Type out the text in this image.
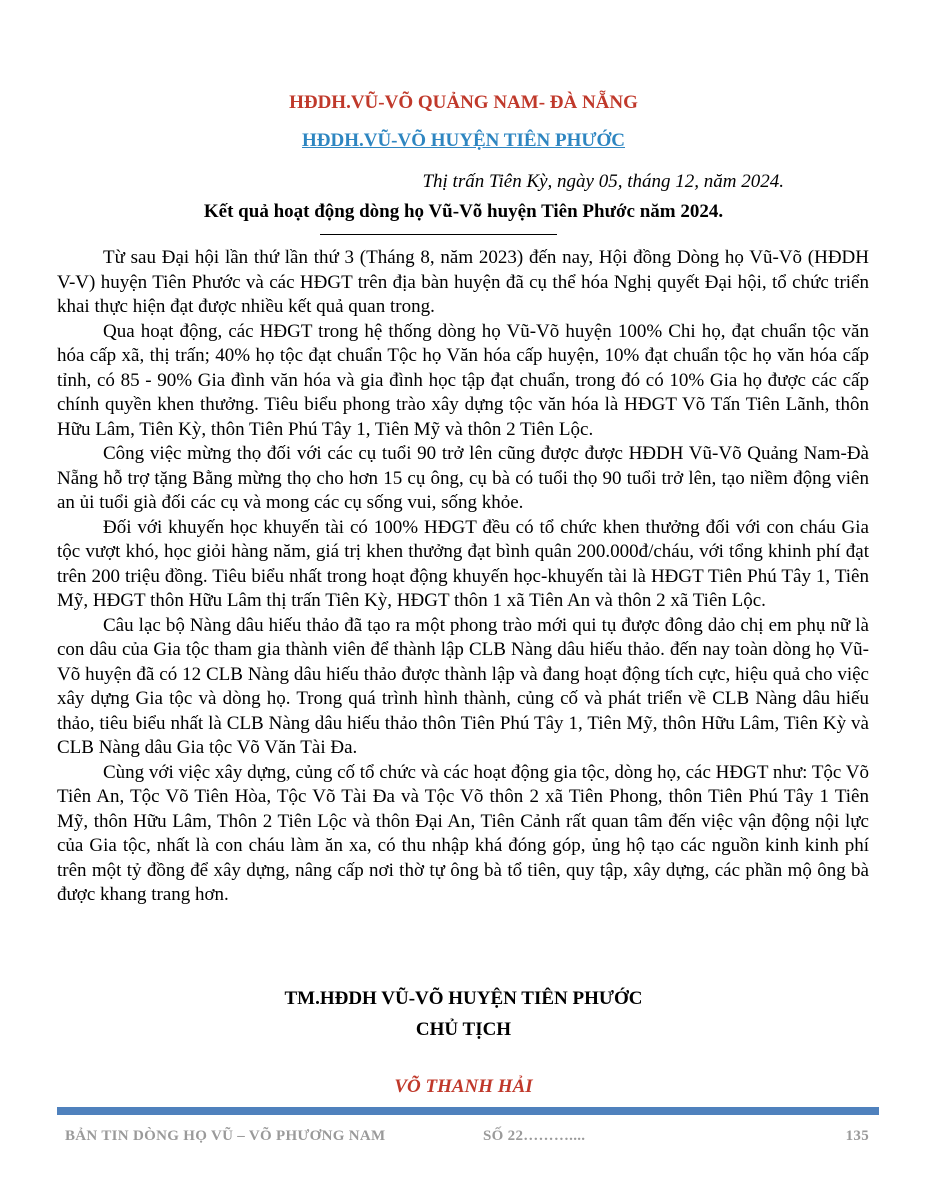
HĐDH.VŨ-VÕ QUẢNG NAM- ĐÀ NẴNG
HĐDH.VŨ-VÕ HUYỆN TIÊN PHƯỚC

Thị trấn Tiên Kỳ, ngày 05, tháng 12, năm 2024.

Kết quả hoạt động dòng họ Vũ-Võ huyện Tiên Phước năm 2024.

Từ sau Đại hội lần thứ lần thứ 3 (Tháng 8, năm 2023) đến nay, Hội đồng Dòng họ Vũ-Võ (HĐDH V-V) huyện Tiên Phước và các HĐGT trên địa bàn huyện đã cụ thể hóa Nghị quyết Đại hội, tổ chức triển khai thực hiện đạt được nhiều kết quả quan trong.

Qua hoạt động, các HĐGT trong hệ thống dòng họ Vũ-Võ huyện 100% Chi họ, đạt chuẩn tộc văn hóa cấp xã, thị trấn; 40% họ tộc đạt chuẩn Tộc họ Văn hóa cấp huyện, 10% đạt chuẩn tộc họ văn hóa cấp tỉnh, có 85 - 90% Gia đình văn hóa và gia đình học tập đạt chuẩn, trong đó có 10% Gia họ được các cấp chính quyền khen thưởng. Tiêu biểu phong trào xây dựng tộc văn hóa là HĐGT Võ Tấn Tiên Lãnh, thôn Hữu Lâm, Tiên Kỳ, thôn Tiên Phú Tây 1, Tiên Mỹ và thôn 2 Tiên Lộc.

Công việc mừng thọ đối với các cụ tuổi 90 trở lên cũng được được HĐDH Vũ-Võ Quảng Nam-Đà Nẵng hỗ trợ tặng Bằng mừng thọ cho hơn 15 cụ ông, cụ bà có tuổi thọ 90 tuổi trở lên, tạo niềm động viên an ủi tuổi già đối các cụ và mong các cụ sống vui, sống khỏe.

Đối với khuyến học khuyến tài có 100% HĐGT đều có tổ chức khen thưởng đối với con cháu Gia tộc vượt khó, học giỏi hàng năm, giá trị khen thưởng đạt bình quân 200.000đ/cháu, với tổng khinh phí đạt trên 200 triệu đồng. Tiêu biểu nhất trong hoạt động khuyến học-khuyến tài là HĐGT Tiên Phú Tây 1, Tiên Mỹ, HĐGT thôn Hữu Lâm thị trấn Tiên Kỳ, HĐGT thôn 1 xã Tiên An và thôn 2 xã Tiên Lộc.

Câu lạc bộ Nàng dâu hiếu thảo đã tạo ra một phong trào mới qui tụ được đông dảo chị em phụ nữ là con dâu của Gia tộc tham gia thành viên để thành lập CLB Nàng dâu hiếu thảo. đến nay toàn dòng họ Vũ-Võ huyện đã có 12 CLB Nàng dâu hiếu thảo được thành lập và đang hoạt động tích cực, hiệu quả cho việc xây dựng Gia tộc và dòng họ. Trong quá trình hình thành, củng cố và phát triển về CLB Nàng dâu hiếu thảo, tiêu biểu nhất là CLB Nàng dâu hiếu thảo thôn Tiên Phú Tây 1, Tiên Mỹ, thôn Hữu Lâm, Tiên Kỳ và CLB Nàng dâu Gia tộc Võ Văn Tài Đa.

Cùng với việc xây dựng, củng cố tổ chức và các hoạt động gia tộc, dòng họ, các HĐGT như: Tộc Võ Tiên An, Tộc Võ Tiên Hòa, Tộc Võ Tài Đa và Tộc Võ thôn 2 xã Tiên Phong, thôn Tiên Phú Tây 1 Tiên Mỹ, thôn Hữu Lâm, Thôn 2 Tiên Lộc và thôn Đại An, Tiên Cảnh rất quan tâm đến việc vận động nội lực của Gia tộc, nhất là con cháu làm ăn xa, có thu nhập khá đóng góp, ủng hộ tạo các nguồn kinh kinh phí trên một tỷ đồng để xây dựng, nâng cấp nơi thờ tự ông bà tổ tiên, quy tập, xây dựng, các phần mộ ông bà được khang trang hơn.

TM.HĐDH VŨ-VÕ HUYỆN TIÊN PHƯỚC

CHỦ TỊCH

VÕ THANH HẢI

BẢN TIN DÒNG HỌ VŨ – VÕ PHƯƠNG NAM	SỐ 22………....	135
